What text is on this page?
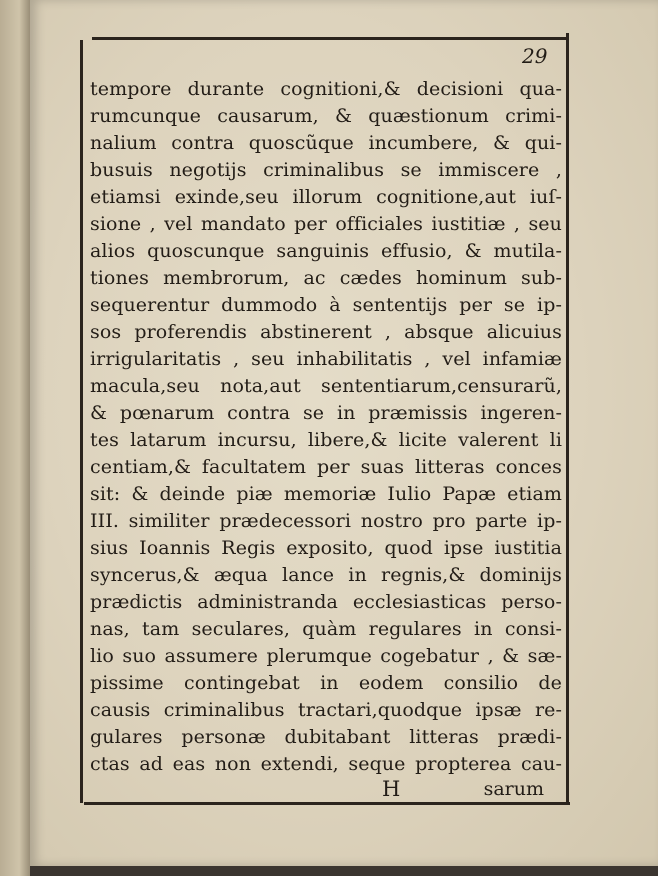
29
tempore durante cognitioni,& decisioni qua-
rumcunque causarum, & quæstionum crimi-
nalium contra quoscũque incumbere, & qui-
busuis negotijs criminalibus se immiscere ,
etiamsi exinde,seu illorum cognitione,aut iuſ-
sione , vel mandato per officiales iustitiæ , seu
alios quoscunque sanguinis effusio, & mutila-
tiones membrorum, ac cædes hominum sub-
sequerentur dummodo à sententijs per se ip-
sos proferendis abstinerent , absque alicuius
irrigularitatis , seu inhabilitatis , vel infamiæ
macula,seu nota,aut sententiarum,censurarũ,
& pœnarum contra se in præmissis ingeren-
tes latarum incursu, libere,& licite valerent li
centiam,& facultatem per suas litteras conces
sit: & deinde piæ memoriæ Iulio Papæ etiam
III. similiter prædecessori nostro pro parte ip-
sius Ioannis Regis exposito, quod ipse iustitia
syncerus,& æqua lance in regnis,& dominijs
prædictis administranda ecclesiasticas perso-
nas, tam seculares, quàm regulares in consi-
lio suo assumere plerumque cogebatur , & sæ-
pissime contingebat in eodem consilio de
causis criminalibus tractari,quodque ipsæ re-
gulares personæ dubitabant litteras prædi-
ctas ad eas non extendi, seque propterea cau-
H	sarum
